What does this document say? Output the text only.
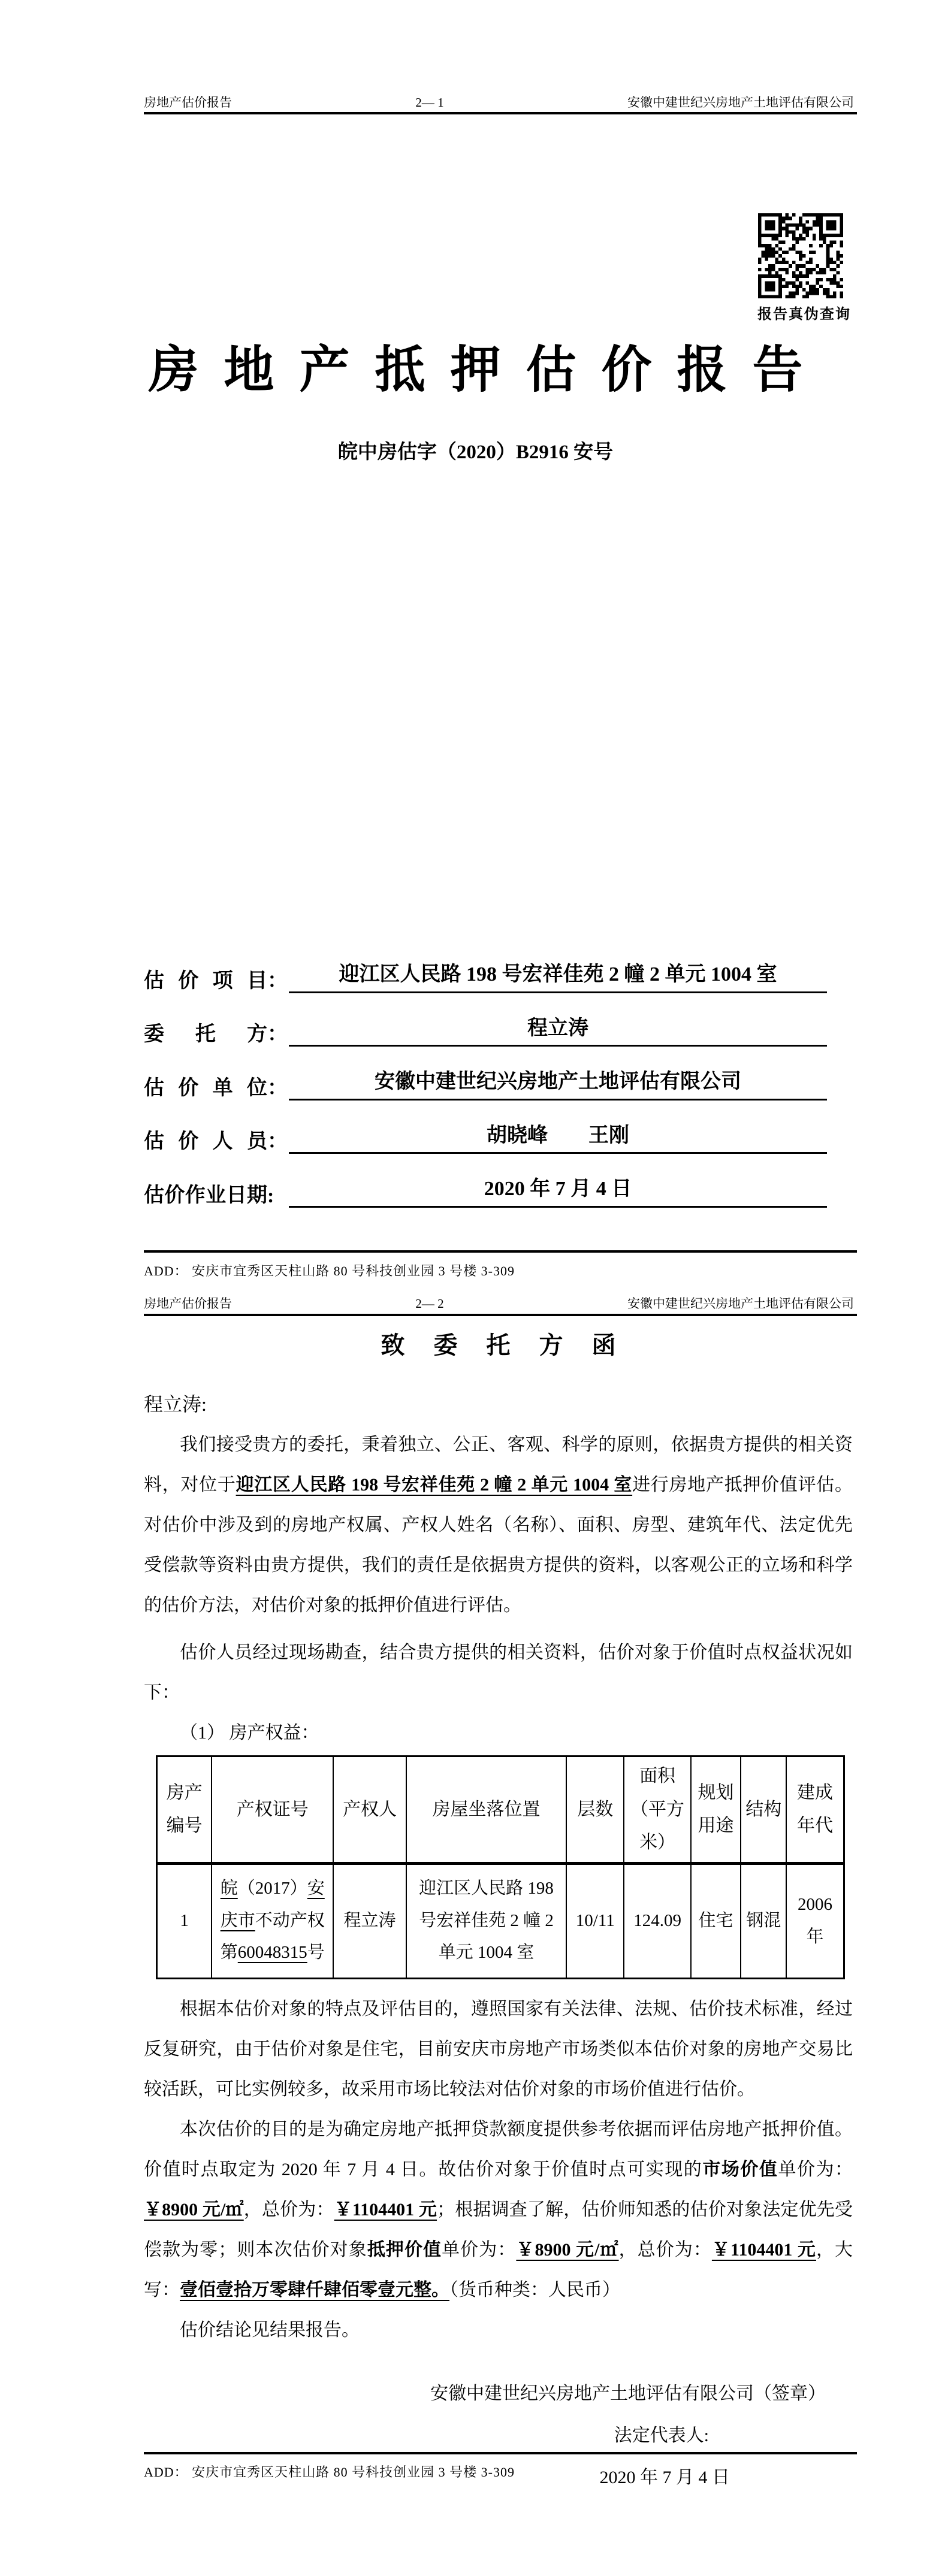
房地产估价报告	2— 1	安徽中建世纪兴房地产土地评估有限公司
报告真伪查询
房地产抵押估价报告
皖中房估字（2020）B2916 安号
估价项目 ：	迎江区人民路 198 号宏祥佳苑 2 幢 2 单元 1004 室
委托方 ：	程立涛
估价单位 ：	安徽中建世纪兴房地产土地评估有限公司
估价人员 ：	胡晓峰　　王刚
估价作业日期 :	2020 年 7 月 4 日
ADD： 安庆市宜秀区天柱山路 80 号科技创业园 3 号楼 3-309
房地产估价报告	2— 2	安徽中建世纪兴房地产土地评估有限公司
致委托方函
程立涛:

我们接受贵方的委托，秉着独立、公正、客观、科学的原则，依据贵方提供的相关资料，对位于迎江区人民路 198 号宏祥佳苑 2 幢 2 单元 1004 室进行房地产抵押价值评估。对估价中涉及到的房地产权属、产权人姓名（名称）、面积、房型、建筑年代、法定优先受偿款等资料由贵方提供，我们的责任是依据贵方提供的资料，以客观公正的立场和科学的估价方法，对估价对象的抵押价值进行评估。

估价人员经过现场勘查，结合贵方提供的相关资料，估价对象于价值时点权益状况如下：

（1） 房产权益：

房产编号	产权证号	产权人	房屋坐落位置	层数	面积（平方米）	规划用途	结构	建成年代
1	皖（2017）安庆市不动产权第60048315号	程立涛	迎江区人民路 198 号宏祥佳苑 2 幢 2 单元 1004 室	10/11	124.09	住宅	钢混	2006 年

根据本估价对象的特点及评估目的，遵照国家有关法律、法规、估价技术标准，经过反复研究，由于估价对象是住宅，目前安庆市房地产市场类似本估价对象的房地产交易比较活跃，可比实例较多，故采用市场比较法对估价对象的市场价值进行估价。

本次估价的目的是为确定房地产抵押贷款额度提供参考依据而评估房地产抵押价值。价值时点取定为 2020 年 7 月 4 日。故估价对象于价值时点可实现的市场价值单价为：￥8900 元/㎡，总价为：￥1104401 元；根据调查了解，估价师知悉的估价对象法定优先受偿款为零；则本次估价对象抵押价值单价为：￥8900 元/㎡，总价为：￥1104401 元，大写：壹佰壹拾万零肆仟肆佰零壹元整。（货币种类：人民币）

估价结论见结果报告。

安徽中建世纪兴房地产土地评估有限公司（签章）
法定代表人:
2020 年 7 月 4 日
ADD： 安庆市宜秀区天柱山路 80 号科技创业园 3 号楼 3-309
